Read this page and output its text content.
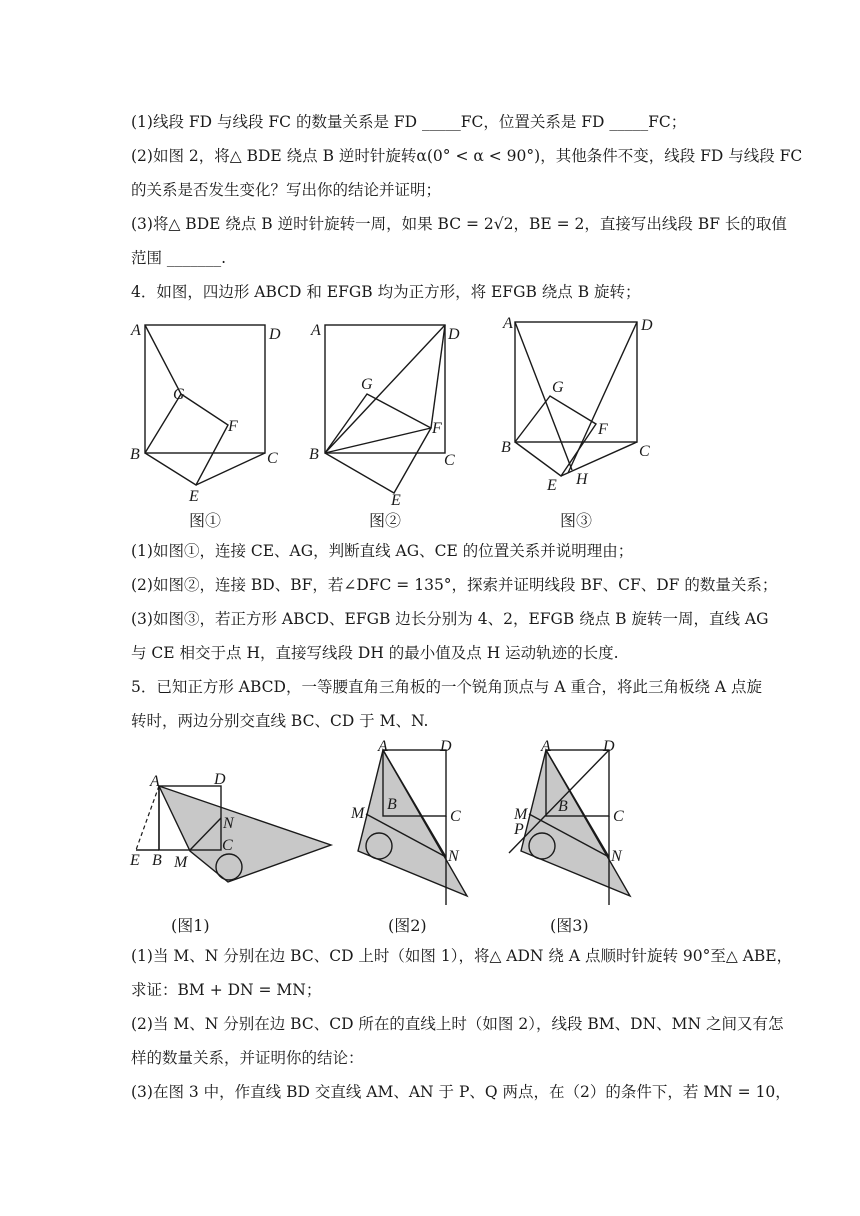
(1)线段 FD 与线段 FC 的数量关系是 FD _____FC，位置关系是 FD _____FC；
(2)如图 2，将△ BDE 绕点 B 逆时针旋转α(0° < α < 90°)，其他条件不变，线段 FD 与线段 FC
的关系是否发生变化？写出你的结论并证明；
(3)将△ BDE 绕点 B 逆时针旋转一周，如果 BC = 2√2，BE = 2，直接写出线段 BF 长的取值
范围 _______.
4．如图，四边形 ABCD 和 EFGB 均为正方形，将 EFGB 绕点 B 旋转；
A	D
G
F
B	C
E
图①
A	D
G
F
B	C
E
图②
A	D
G
F
B	C
H
E
图③
(1)如图①，连接 CE、AG，判断直线 AG、CE 的位置关系并说明理由；
(2)如图②，连接 BD、BF，若∠DFC = 135°，探索并证明线段 BF、CF、DF 的数量关系；
(3)如图③，若正方形 ABCD、EFGB 边长分别为 4、2，EFGB 绕点 B 旋转一周，直线 AG
与 CE 相交于点 H，直接写线段 DH 的最小值及点 H 运动轨迹的长度.
5．已知正方形 ABCD，一等腰直角三角板的一个锐角顶点与 A 重合，将此三角板绕 A 点旋
转时，两边分别交直线 BC、CD 于 M、N.
A	D
N
C
E B M
(图1)
A	D
M
B
C
N
(图2)
A	D
M
P
B
C
N
(图3)
(1)当 M、N 分别在边 BC、CD 上时（如图 1），将△ ADN 绕 A 点顺时针旋转 90°至△ ABE，
求证：BM + DN = MN；
(2)当 M、N 分别在边 BC、CD 所在的直线上时（如图 2），线段 BM、DN、MN 之间又有怎
样的数量关系，并证明你的结论：
(3)在图 3 中，作直线 BD 交直线 AM、AN 于 P、Q 两点，在（2）的条件下，若 MN = 10，
